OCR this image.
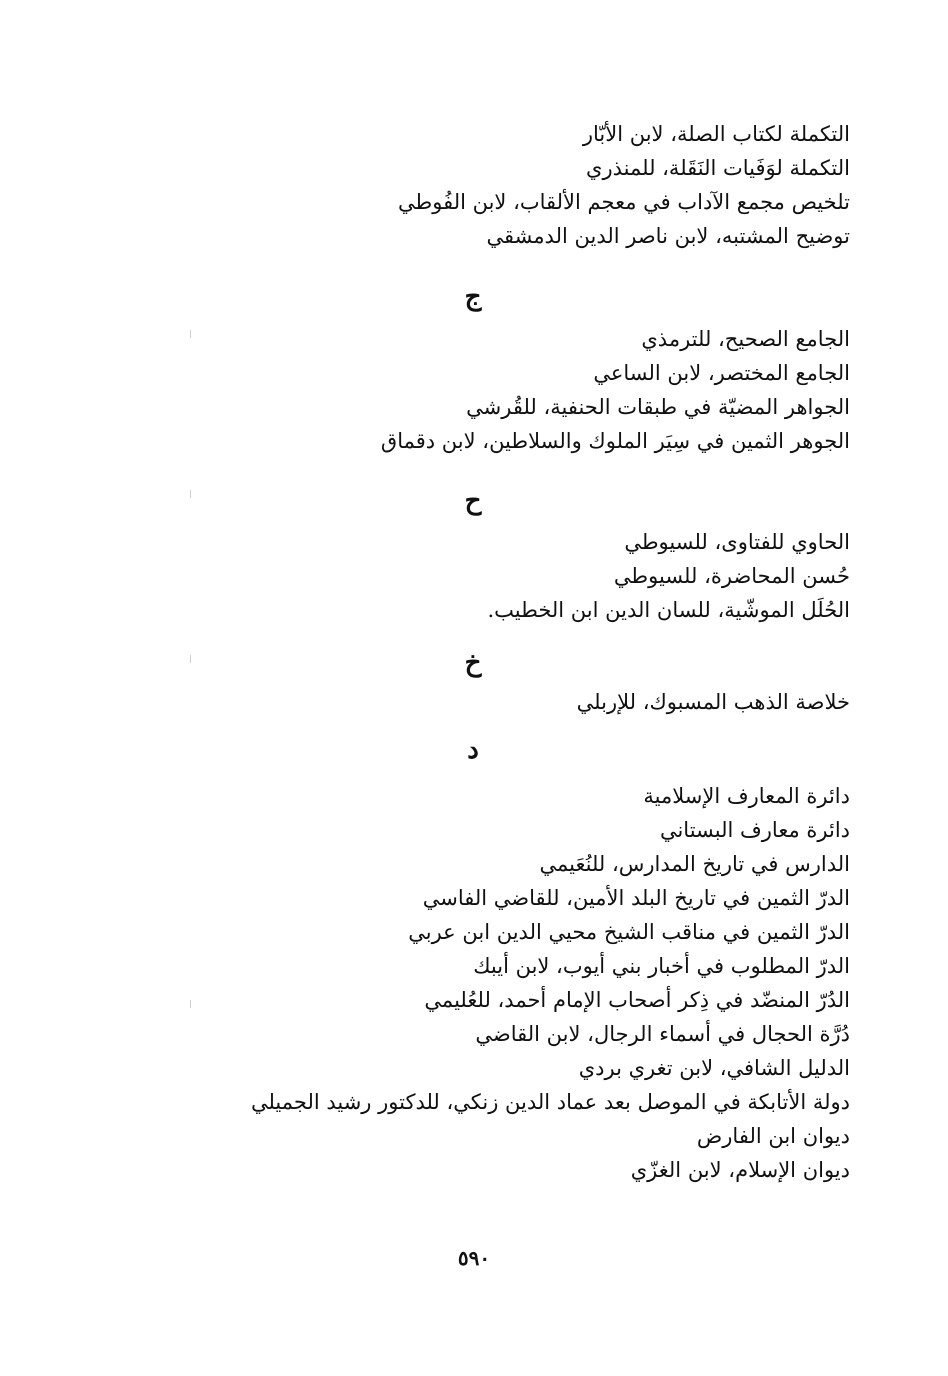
التكملة لكتاب الصلة، لابن الأبّار
التكملة لوَفَيات النَقَلة، للمنذري
تلخيص مجمع الآداب في معجم الألقاب، لابن الفُوطي
توضيح المشتبه، لابن ناصر الدين الدمشقي
ج
الجامع الصحيح، للترمذي
الجامع المختصر، لابن الساعي
الجواهر المضيّة في طبقات الحنفية، للقُرشي
الجوهر الثمين في سِيَر الملوك والسلاطين، لابن دقماق
ح
الحاوي للفتاوى، للسيوطي
حُسن المحاضرة، للسيوطي
الحُلَل الموشّية، للسان الدين ابن الخطيب.
خ
خلاصة الذهب المسبوك، للإربلي
د
دائرة المعارف الإسلامية
دائرة معارف البستاني
الدارس في تاريخ المدارس، للنُعَيمي
الدرّ الثمين في تاريخ البلد الأمين، للقاضي الفاسي
الدرّ الثمين في مناقب الشيخ محيي الدين ابن عربي
الدرّ المطلوب في أخبار بني أيوب، لابن أيبك
الدُرّ المنضّد في ذِكر أصحاب الإمام أحمد، للعُليمي
دُرَّة الحجال في أسماء الرجال، لابن القاضي
الدليل الشافي، لابن تغري بردي
دولة الأتابكة في الموصل بعد عماد الدين زنكي، للدكتور رشيد الجميلي
ديوان ابن الفارض
ديوان الإسلام، لابن الغزّي
٥٩٠
